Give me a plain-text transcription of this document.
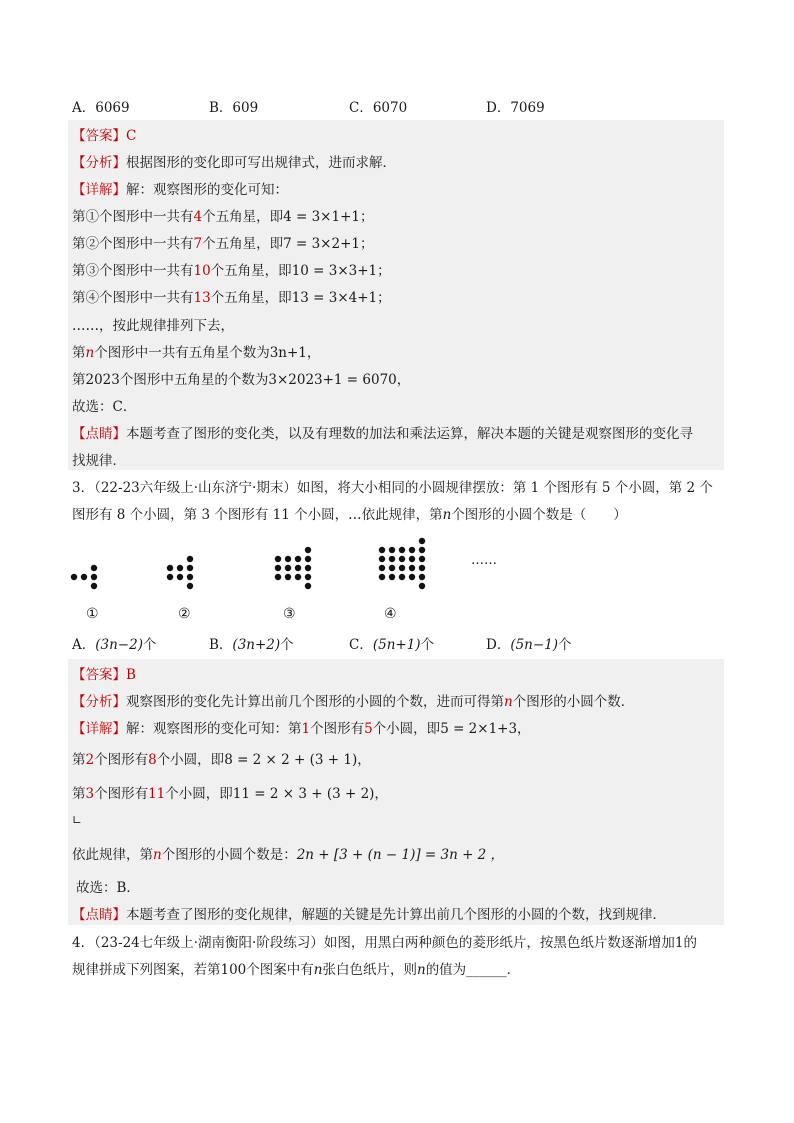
A．6069	B．609	C．6070	D．7069
【答案】C
【分析】根据图形的变化即可写出规律式，进而求解．
【详解】解：观察图形的变化可知：
第①个图形中一共有4个五角星，即4 = 3×1+1；
第②个图形中一共有7个五角星，即7 = 3×2+1；
第③个图形中一共有10个五角星，即10 = 3×3+1；
第④个图形中一共有13个五角星，即13 = 3×4+1；
……，按此规律排列下去，
第n个图形中一共有五角星个数为3n+1，
第2023个图形中五角星的个数为3×2023+1 = 6070，
故选：C．
【点睛】本题考查了图形的变化类，以及有理数的加法和乘法运算，解决本题的关键是观察图形的变化寻
找规律．
3．（22-23六年级上·山东济宁·期末）如图，将大小相同的小圆规律摆放：第 1 个图形有 5 个小圆，第 2 个
图形有 8 个小圆，第 3 个图形有 11 个小圆，…依此规律，第n个图形的小圆个数是（　　）
……
①	②	③	④
A．(3n−2)个	B．(3n+2)个	C．(5n+1)个	D．(5n−1)个
【答案】B
【分析】观察图形的变化先计算出前几个图形的小圆的个数，进而可得第n个图形的小圆个数．
【详解】解：观察图形的变化可知：第1个图形有5个小圆，即5 = 2×1+3，
第2个图形有8个小圆，即8 = 2 × 2 + (3 + 1)，
第3个图形有11个小圆，即11 = 2 × 3 + (3 + 2)，
∟
依此规律，第n个图形的小圆个数是：2n + [3 + (n − 1)] = 3n + 2 ，
故选：B．
【点睛】本题考查了图形的变化规律，解题的关键是先计算出前几个图形的小圆的个数，找到规律．
4．（23-24七年级上·湖南衡阳·阶段练习）如图，用黑白两种颜色的菱形纸片，按黑色纸片数逐渐增加1的
规律拼成下列图案，若第100个图案中有n张白色纸片，则n的值为______．
